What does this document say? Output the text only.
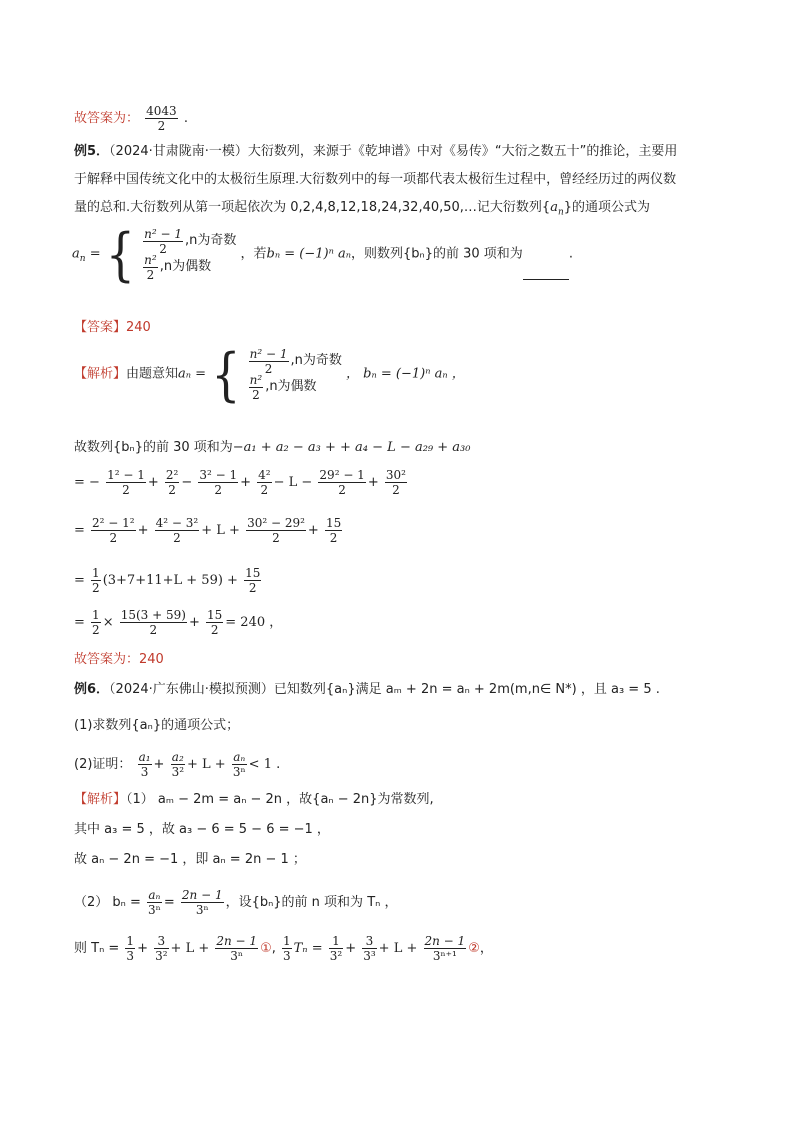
故答案为： $\frac{4043}{2}$ .
例5．（2024·甘肃陇南·一模）大衍数列，来源于《乾坤谱》中对《易传》“大衍之数五十”的推论，主要用
于解释中国传统文化中的太极衍生原理.大衍数列中的每一项都代表太极衍生过程中，曾经经历过的两仪数
量的总和.大衍数列从第一项起依次为 0,2,4,8,12,18,24,32,40,50,…记大衍数列$\{a_n\}$的通项公式为
$a_n$ = { $\frac{\text{n² − 1}}{2} ,n$为奇数
$\frac{\text{n²}}{2} ,n$为偶数
，若bₙ = (−1)ⁿ aₙ，则数列{bₙ}的前 30 项和为	.
【答案】240
【解析】由题意知aₙ = { $\frac{\text{n² − 1}}{2} ,n$为奇数
$\frac{\text{n²}}{2} ,n$为偶数
， bₙ = (−1)ⁿ aₙ ，
故数列{bₙ}的前 30 项和为−a₁ + a₂ − a₃ + + a₄ − L − a₂₉ + a₃₀
= − $\frac{\text{1² − 1}}{2} + \frac{\text{2²}}{2} - \frac{\text{3² − 1}}{2} + \frac{\text{4²}}{2} - L - \frac{\text{29² − 1}}{2} + \frac{\text{30²}}{2}$
= $\frac{\text{2² − 1²}}{2} + \frac{\text{4² − 3²}}{2} + L + \frac{\text{30² − 29²}}{2} + \frac{15}{2}$
= $\frac{1}{2} (3+7+11+L + 59) + \frac{15}{2}$
= $\frac{1}{2} \times \frac{15(3 + 59)}{2} + \frac{15}{2} = 240$ ，
故答案为：240
例6．（2024·广东佛山·模拟预测）已知数列{aₙ}满足 aₘ + 2n = aₙ + 2m(m,n∈ N*) ，且 a₃ = 5 .
(1)求数列{aₙ}的通项公式；
(2)证明： $\frac{\text{a₁}}{3} + \frac{\text{a₂}}{\text{3²}} + L + \frac{\text{aₙ}}{\text{3ⁿ}} < 1$ .
【解析】（1） aₘ − 2m = aₙ − 2n ，故{aₙ − 2n}为常数列,
其中 a₃ = 5 ，故 a₃ − 6 = 5 − 6 = −1 ，
故 aₙ − 2n = −1 ，即 aₙ = 2n − 1 ；
（2） $b_n = \frac{\text{aₙ}}{\text{3ⁿ}} = \frac{2n - 1}{\text{3ⁿ}}$ ，设{bₙ}的前 n 项和为 Tₙ ，
则 $T_n = \frac{1}{3} + \frac{3}{\text{3²}} + L + \frac{2n - 1}{\text{3ⁿ}}$ ①, $\frac{1}{3}$ $T_n = \frac{1}{\text{3²}} + \frac{3}{\text{3³}} + L + \frac{2n - 1}{\text{3ⁿ⁺¹}}$ ②，
